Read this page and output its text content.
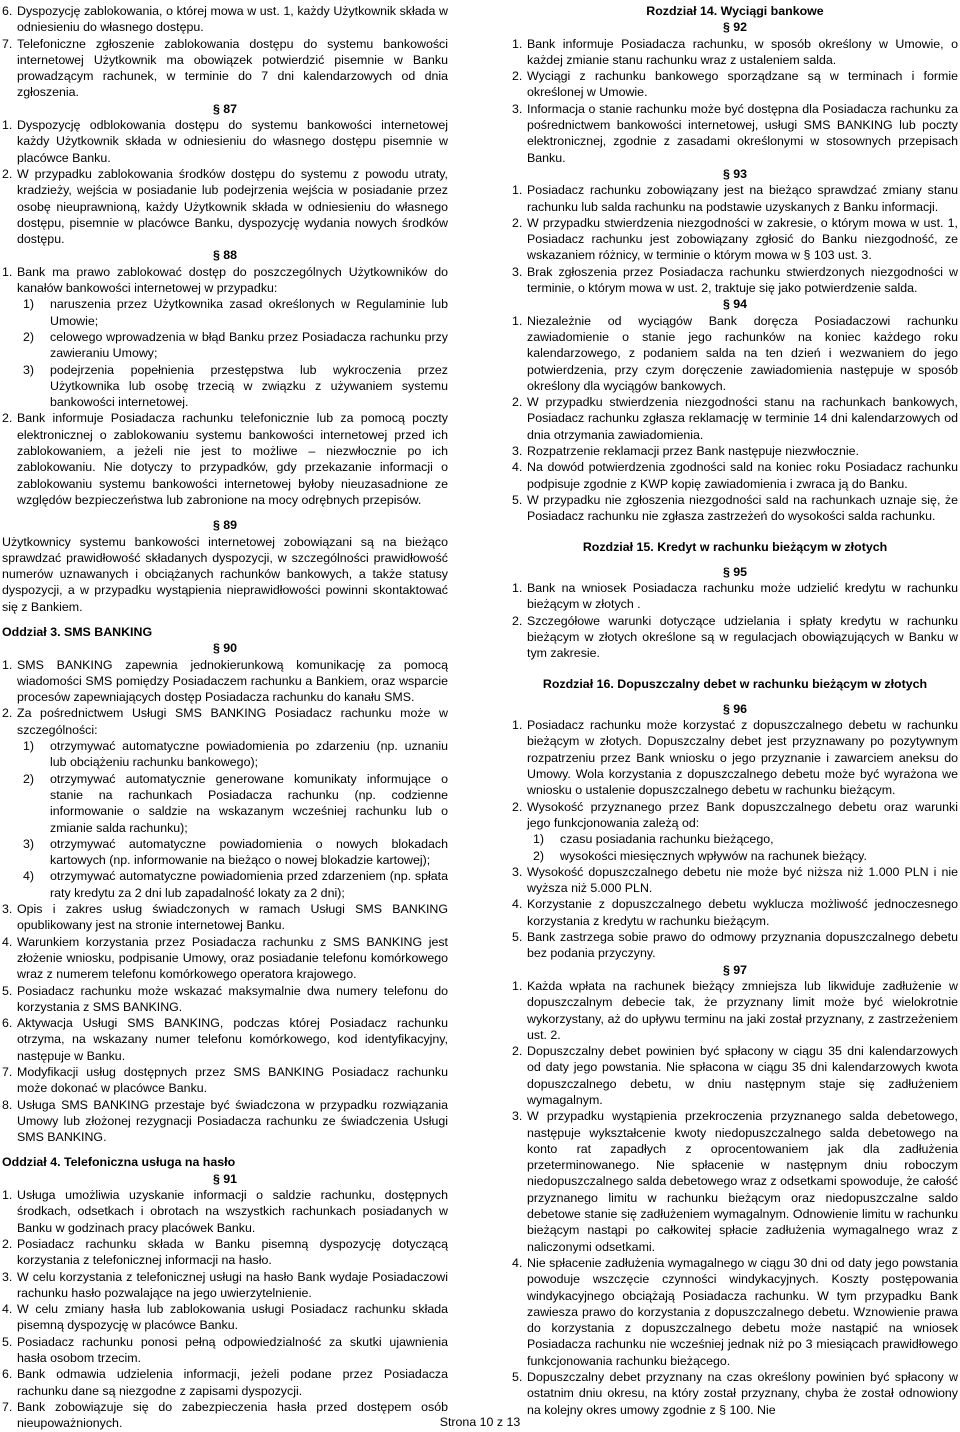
6. Dyspozycję zablokowania, o której mowa w ust. 1, każdy Użytkownik składa w odniesieniu do własnego dostępu.
7. Telefoniczne zgłoszenie zablokowania dostępu do systemu bankowości internetowej Użytkownik ma obowiązek potwierdzić pisemnie w Banku prowadzącym rachunek, w terminie do 7 dni kalendarzowych od dnia zgłoszenia.

§ 87

1. Dyspozycję odblokowania dostępu do systemu bankowości internetowej każdy Użytkownik składa w odniesieniu do własnego dostępu pisemnie w placówce Banku.
2. W przypadku zablokowania środków dostępu do systemu z powodu utraty, kradzieży, wejścia w posiadanie lub podejrzenia wejścia w posiadanie przez osobę nieuprawnioną, każdy Użytkownik składa w odniesieniu do własnego dostępu, pisemnie w placówce Banku, dyspozycję wydania nowych środków dostępu.

§ 88

1. Bank ma prawo zablokować dostęp do poszczególnych Użytkowników do kanałów bankowości internetowej w przypadku:
1)	naruszenia przez Użytkownika zasad określonych w Regulaminie lub Umowie;
2)	celowego wprowadzenia w błąd Banku przez Posiadacza rachunku przy zawieraniu Umowy;
3)	podejrzenia popełnienia przestępstwa lub wykroczenia przez Użytkownika lub osobę trzecią w związku z używaniem systemu bankowości internetowej.
2. Bank informuje Posiadacza rachunku telefonicznie lub za pomocą poczty elektronicznej o zablokowaniu systemu bankowości internetowej przed ich zablokowaniem, a jeżeli nie jest to możliwe – niezwłocznie po ich zablokowaniu. Nie dotyczy to przypadków, gdy przekazanie informacji o zablokowaniu systemu bankowości internetowej byłoby nieuzasadnione ze względów bezpieczeństwa lub zabronione na mocy odrębnych przepisów.

§ 89

Użytkownicy systemu bankowości internetowej zobowiązani są na bieżąco sprawdzać prawidłowość składanych dyspozycji, w szczególności prawidłowość numerów uznawanych i obciążanych rachunków bankowych, a także statusy dyspozycji, a w przypadku wystąpienia nieprawidłowości powinni skontaktować się z Bankiem.

Oddział 3. SMS BANKING

§ 90

1. SMS BANKING zapewnia jednokierunkową komunikację za pomocą wiadomości SMS pomiędzy Posiadaczem rachunku a Bankiem, oraz wsparcie procesów zapewniających dostęp Posiadacza rachunku do kanału SMS.
2. Za pośrednictwem Usługi SMS BANKING Posiadacz rachunku może w szczególności:
1)	otrzymywać automatyczne powiadomienia po zdarzeniu (np. uznaniu lub obciążeniu rachunku bankowego);
2)	otrzymywać automatycznie generowane komunikaty informujące o stanie na rachunkach Posiadacza rachunku (np. codzienne informowanie o saldzie na wskazanym wcześniej rachunku lub o zmianie salda rachunku);
3)	otrzymywać automatyczne powiadomienia o nowych blokadach kartowych (np. informowanie na bieżąco o nowej blokadzie kartowej);
4)	otrzymywać automatyczne powiadomienia przed zdarzeniem (np. spłata raty kredytu za 2 dni lub zapadalność lokaty za 2 dni);
3. Opis i zakres usług świadczonych w ramach Usługi SMS BANKING opublikowany jest na stronie internetowej Banku.
4. Warunkiem korzystania przez Posiadacza rachunku z SMS BANKING jest złożenie wniosku, podpisanie Umowy, oraz posiadanie telefonu komórkowego wraz z numerem telefonu komórkowego operatora krajowego.
5. Posiadacz rachunku może wskazać maksymalnie dwa numery telefonu do korzystania z SMS BANKING.
6. Aktywacja Usługi SMS BANKING, podczas której Posiadacz rachunku otrzyma, na wskazany numer telefonu komórkowego, kod identyfikacyjny, następuje w Banku.
7. Modyfikacji usług dostępnych przez SMS BANKING Posiadacz rachunku może dokonać w placówce Banku.
8. Usługa SMS BANKING przestaje być świadczona w przypadku rozwiązania Umowy lub złożonej rezygnacji Posiadacza rachunku ze świadczenia Usługi SMS BANKING.

Oddział 4. Telefoniczna usługa na hasło

§ 91

1. Usługa umożliwia uzyskanie informacji o saldzie rachunku, dostępnych środkach, odsetkach i obrotach na wszystkich rachunkach posiadanych w Banku w godzinach pracy placówek Banku.
2. Posiadacz rachunku składa w Banku pisemną dyspozycję dotyczącą korzystania z telefonicznej informacji na hasło.
3. W celu korzystania z telefonicznej usługi na hasło Bank wydaje Posiadaczowi rachunku hasło pozwalające na jego uwierzytelnienie.
4. W celu zmiany hasła lub zablokowania usługi Posiadacz rachunku składa pisemną dyspozycję w placówce Banku.
5. Posiadacz rachunku ponosi pełną odpowiedzialność za skutki ujawnienia hasła osobom trzecim.
6. Bank odmawia udzielenia informacji, jeżeli podane przez Posiadacza rachunku dane są niezgodne z zapisami dyspozycji.
7. Bank zobowiązuje się do zabezpieczenia hasła przed dostępem osób nieupoważnionych.

Rozdział 14. Wyciągi bankowe

§ 92

1. Bank informuje Posiadacza rachunku, w sposób określony w Umowie, o każdej zmianie stanu rachunku wraz z ustaleniem salda.
2. Wyciągi z rachunku bankowego sporządzane są w terminach i formie określonej w Umowie.
3. Informacja o stanie rachunku może być dostępna dla Posiadacza rachunku za pośrednictwem bankowości internetowej, usługi SMS BANKING lub poczty elektronicznej, zgodnie z zasadami określonymi w stosownych przepisach Banku.

§ 93

1. Posiadacz rachunku zobowiązany jest na bieżąco sprawdzać zmiany stanu rachunku lub salda rachunku na podstawie uzyskanych z Banku informacji.
2. W przypadku stwierdzenia niezgodności w zakresie, o którym mowa w ust. 1, Posiadacz rachunku jest zobowiązany zgłosić do Banku niezgodność, ze wskazaniem różnicy, w terminie o którym mowa w § 103 ust. 3.
3. Brak zgłoszenia przez Posiadacza rachunku stwierdzonych niezgodności w terminie, o którym mowa w ust. 2, traktuje się jako potwierdzenie salda.

§ 94

1. Niezależnie od wyciągów Bank doręcza Posiadaczowi rachunku zawiadomienie o stanie jego rachunków na koniec każdego roku kalendarzowego, z podaniem salda na ten dzień i wezwaniem do jego potwierdzenia, przy czym doręczenie zawiadomienia następuje w sposób określony dla wyciągów bankowych.
2. W przypadku stwierdzenia niezgodności stanu na rachunkach bankowych, Posiadacz rachunku zgłasza reklamację w terminie 14 dni kalendarzowych od dnia otrzymania zawiadomienia.
3. Rozpatrzenie reklamacji przez Bank następuje niezwłocznie.
4. Na dowód potwierdzenia zgodności sald na koniec roku Posiadacz rachunku podpisuje zgodnie z KWP kopię zawiadomienia i zwraca ją do Banku.
5. W przypadku nie zgłoszenia niezgodności sald na rachunkach uznaje się, że Posiadacz rachunku nie zgłasza zastrzeżeń do wysokości salda rachunku.

Rozdział 15. Kredyt w rachunku bieżącym w złotych

§ 95

1. Bank na wniosek Posiadacza rachunku może udzielić kredytu w rachunku bieżącym w złotych .
2. Szczegółowe warunki dotyczące udzielania i spłaty kredytu w rachunku bieżącym w złotych określone są w regulacjach obowiązujących w Banku w tym zakresie.

Rozdział 16. Dopuszczalny debet w rachunku bieżącym w złotych

§ 96

1. Posiadacz rachunku może korzystać z dopuszczalnego debetu w rachunku bieżącym w złotych. Dopuszczalny debet jest przyznawany po pozytywnym rozpatrzeniu przez Bank wniosku o jego przyznanie i zawarciem aneksu do Umowy. Wola korzystania z dopuszczalnego debetu może być wyrażona we wniosku o ustalenie dopuszczalnego debetu w rachunku bieżącym.
2. Wysokość przyznanego przez Bank dopuszczalnego debetu oraz warunki jego funkcjonowania zależą od:
1)	czasu posiadania rachunku bieżącego,
2)	wysokości miesięcznych wpływów na rachunek bieżący.
3. Wysokość dopuszczalnego debetu nie może być niższa niż 1.000 PLN i nie wyższa niż 5.000 PLN.
4. Korzystanie z dopuszczalnego debetu wyklucza możliwość jednoczesnego korzystania z kredytu w rachunku bieżącym.
5. Bank zastrzega sobie prawo do odmowy przyznania dopuszczalnego debetu bez podania przyczyny.

§ 97

1. Każda wpłata na rachunek bieżący zmniejsza lub likwiduje zadłużenie w dopuszczalnym debecie tak, że przyznany limit może być wielokrotnie wykorzystany, aż do upływu terminu na jaki został przyznany, z zastrzeżeniem ust. 2.
2. Dopuszczalny debet powinien być spłacony w ciągu 35 dni kalendarzowych od daty jego powstania. Nie spłacona w ciągu 35 dni kalendarzowych kwota dopuszczalnego debetu, w dniu następnym staje się zadłużeniem wymagalnym.
3. W przypadku wystąpienia przekroczenia przyznanego salda debetowego, następuje wykształcenie kwoty niedopuszczalnego salda debetowego na konto rat zapadłych z oprocentowaniem jak dla zadłużenia przeterminowanego. Nie spłacenie w następnym dniu roboczym niedopuszczalnego salda debetowego wraz z odsetkami spowoduje, że całość przyznanego limitu w rachunku bieżącym oraz niedopuszczalne saldo debetowe stanie się zadłużeniem wymagalnym. Odnowienie limitu w rachunku bieżącym nastąpi po całkowitej spłacie zadłużenia wymagalnego wraz z naliczonymi odsetkami.
4. Nie spłacenie zadłużenia wymagalnego w ciągu 30 dni od daty jego powstania powoduje wszczęcie czynności windykacyjnych. Koszty postępowania windykacyjnego obciążają Posiadacza rachunku. W tym przypadku Bank zawiesza prawo do korzystania z dopuszczalnego debetu. Wznowienie prawa do korzystania z dopuszczalnego debetu może nastąpić na wniosek Posiadacza rachunku nie wcześniej jednak niż po 3 miesiącach prawidłowego funkcjonowania rachunku bieżącego.
5. Dopuszczalny debet przyznany na czas określony powinien być spłacony w ostatnim dniu okresu, na który został przyznany, chyba że został odnowiony na kolejny okres umowy zgodnie z § 100. Nie
Strona 10 z 13
